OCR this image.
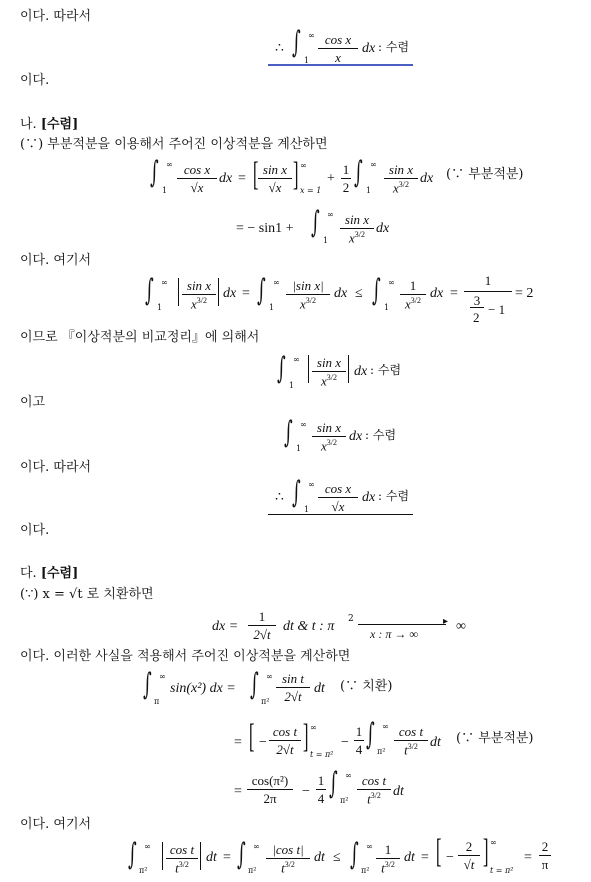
이다. 따라서
∴ ∫ ∞
$1 \frac{\text{cos x}}{x}$ dx : 수렴
이다.
나. [수렴]
(∵) 부분적분을 이용해서 주어진 이상적분을 계산하면
∫ ∞
$1 \frac{\text{cos x}}{√x}$ dx = [ $\frac{\text{sin x}}{√x}$ ] ∞
x = 1
+ $\frac{1}{2}$ ∫ ∞
$1 \frac{\text{sin x}}{x^{3/2}}$ dx (∵ 부분적분)
= − sin1 + ∫ ∞
$1 \frac{\text{sin x}}{x^{3/2}}$ dx
이다. 여기서
∫ ∞
$1 \frac{\text{sin x}}{x^{3/2}}$ dx = ∫ ∞
$1 \frac{\text{|sin x|}}{x^{3/2}}$ dx ≤ ∫ ∞
$1 \frac{1}{x^{3/2}}$ dx = 1
3
2
− 1 = 2
이므로 『이상적분의 비교정리』에 의해서
∫ ∞
$1 \frac{\text{sin x}}{x^{3/2}}$ dx : 수렴
이고
∫ ∞
$1 \frac{\text{sin x}}{x^{3/2}}$ dx : 수렴
이다. 따라서
∴ ∫ ∞
$1 \frac{\text{cos x}}{√x}$ dx : 수렴
이다.
다. [수렴]
(∵) x = √t 로 치환하면
dx = $\frac{1}{2√t}$ dt & t : π 2	▸
x : π → ∞	∞
이다. 이러한 사실을 적용해서 주어진 이상적분을 계산하면
∫ ∞
π
sin(x²) dx = ∫ ∞
$\pi^2 \frac{\text{sin t}}{2√t}$ dt (∵ 치환)
= [ − $\frac{\text{cos t}}{2√t}$ ] ∞
t = π²
− $\frac{1}{4}$ ∫ ∞
$\pi^2 \frac{\text{cos t}}{t^{3/2}}$ dt (∵ 부분적분)
= $\frac{\text{cos(π²)}}{2\pi} - \frac{1}{4}$ ∫ ∞
$\pi^2 \frac{\text{cos t}}{t^{3/2}}$ dt
이다. 여기서
∫ ∞
$\pi^2 \frac{\text{cos t}}{t^{3/2}}$ dt = ∫ ∞
$\pi^2 \frac{\text{|cos t|}}{t^{3/2}}$ dt ≤ ∫ ∞
$\pi^2 \frac{1}{t^{3/2}}$ dt = [ − $\frac{2}{√t}$ ] ∞
t = π²
= $\frac{2}{\pi}$
